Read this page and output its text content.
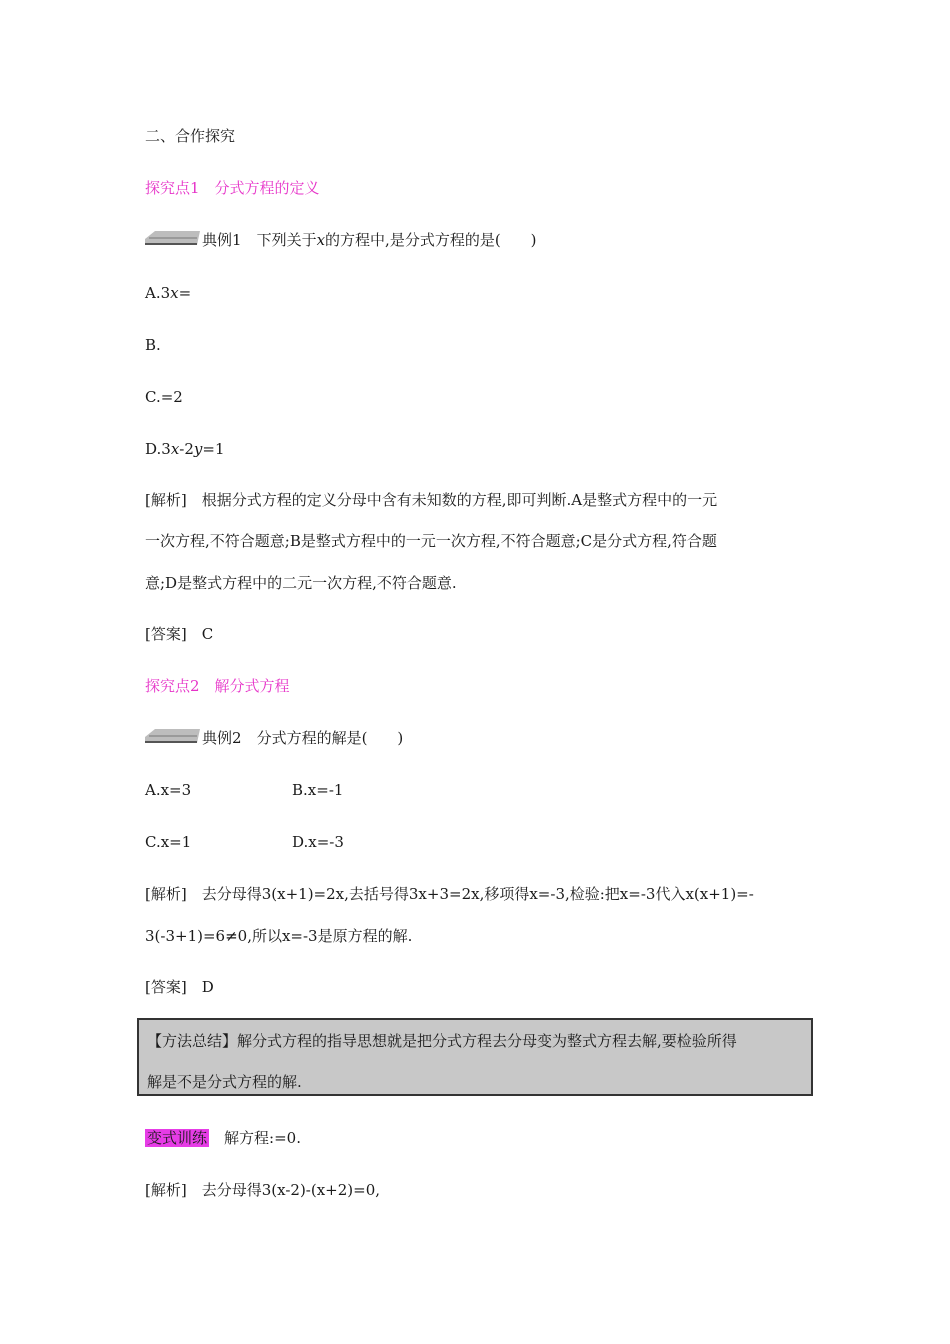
二、合作探究
探究点1　分式方程的定义
典例1　 下列关于x的方程中,是分式方程的是(　　)
A.3x=
B.
C.=2
D.3x-2y=1
[解析]　 根据分式方程的定义分母中含有未知数的方程,即可判断.A是整式方程中的一元
一次方程,不符合题意;B是整式方程中的一元一次方程,不符合题意;C是分式方程,符合题
意;D是整式方程中的二元一次方程,不符合题意.
[答案]　 C
探究点2　解分式方程
典例2　 分式方程的解是(　　)
A.x=3	B.x=-1
C.x=1	D.x=-3
[解析]　 去分母得3(x+1)=2x,去括号得3x+3=2x,移项得x=-3,检验:把x=-3代入x(x+1)=-
3(-3+1)=6≠0,所以x=-3是原方程的解.
[答案]　 D
【方法总结】解分式方程的指导思想就是把分式方程去分母变为整式方程去解,要检验所得
解是不是分式方程的解.
变式训练　 解方程:=0.
[解析]　 去分母得3(x-2)-(x+2)=0,
